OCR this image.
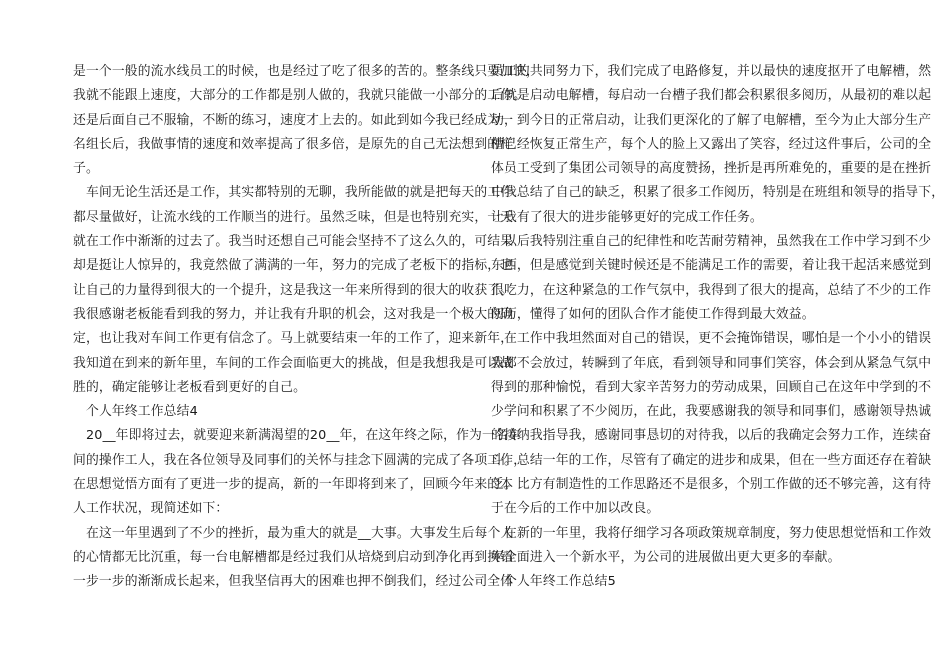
是一个一般的流水线员工的时候，也是经过了吃了很多的苦的。整条线只要加快，
我就不能跟上速度，大部分的工作都是别人做的，我就只能做一小部分的工作。
还是后面自己不服输，不断的练习，速度才上去的。如此到如今我已经成为一
名组长后，我做事情的速度和效率提高了很多倍，是原先的自己无法想到的样
子。
车间无论生活还是工作，其实都特别的无聊，我所能做的就是把每天的工作
都尽量做好，让流水线的工作顺当的进行。虽然乏味，但是也特别充实，一天
就在工作中渐渐的过去了。我当时还想自己可能会坚持不了这么久的，可结果
却是挺让人惊异的，我竟然做了满满的一年，努力的完成了老板下的指标，也
让自己的力量得到很大的一个提升，这是我这一年来所得到的很大的收获了。
我很感谢老板能看到我的努力，并让我有升职的机会，这对我是一个极大的确
定，也让我对车间工作更有信念了。马上就要结束一年的工作了，迎来新年，
我知道在到来的新年里，车间的工作会面临更大的挑战，但是我想我是可以战
胜的，确定能够让老板看到更好的自己。
个人年终工作总结4
20__年即将过去，就要迎来新满渴望的20__年，在这年终之际，作为一名车
间的操作工人，我在各位领导及同事们的关怀与挂念下圆满的完成了各项工作，
在思想觉悟方面有了更进一步的提高，新的一年即将到来了，回顾今年来的本
人工作状况，现简述如下：
在这一年里遇到了不少的挫折，最为重大的就是__大事。大事发生后每个人
的心情都无比沉重，每一台电解槽都是经过我们从培烧到启动到净化再到换铝
一步一步的渐渐成长起来，但我坚信再大的困难也押不倒我们，经过公司全体
员工的共同努力下，我们完成了电路修复，并以最快的速度抠开了电解槽，然
后就是启动电解槽，每启动一台槽子我们都会积累很多阅历，从最初的难以起
动，到今日的正常启动，让我们更深化的了解了电解槽，至今为止大部分生产
槽已经恢复正常生产，每个人的脸上又露出了笑容，经过这件事后，公司的全
体员工受到了集团公司领导的高度赞扬，挫折是再所难免的，重要的是在挫折
中我总结了自己的缺乏，积累了很多工作阅历，特别是在班组和领导的指导下，
让我有了很大的进步能够更好的完成工作任务。
以后我特别注重自己的纪律性和吃苦耐劳精神，虽然我在工作中学习到不少
东西，但是感觉到关键时候还是不能满足工作的需要，着让我干起活来感觉到
很吃力，在这种紧急的工作气氛中，我得到了很大的提高，总结了不少的工作
阅历，懂得了如何的团队合作才能使工作得到最大效益。
在工作中我坦然面对自己的错误，更不会掩饰错误，哪怕是一个小小的错误
我都不会放过，转瞬到了年底，看到领导和同事们笑容，体会到从紧急气氛中
得到的那种愉悦，看到大家辛苦努力的劳动成果，回顾自己在这年中学到的不
少学问和积累了不少阅历，在此，我要感谢我的领导和同事们，感谢领导热诚
的接纳我指导我，感谢同事恳切的对待我，以后的我确定会努力工作，连续奋
斗。总结一年的工作，尽管有了确定的进步和成果，但在一些方面还存在着缺
乏。比方有制造性的工作思路还不是很多，个别工作做的还不够完善，这有待
于在今后的工作中加以改良。
在新的一年里，我将仔细学习各项政策规章制度，努力使思想觉悟和工作效
率全面进入一个新水平，为公司的进展做出更大更多的奉献。
个人年终工作总结5
